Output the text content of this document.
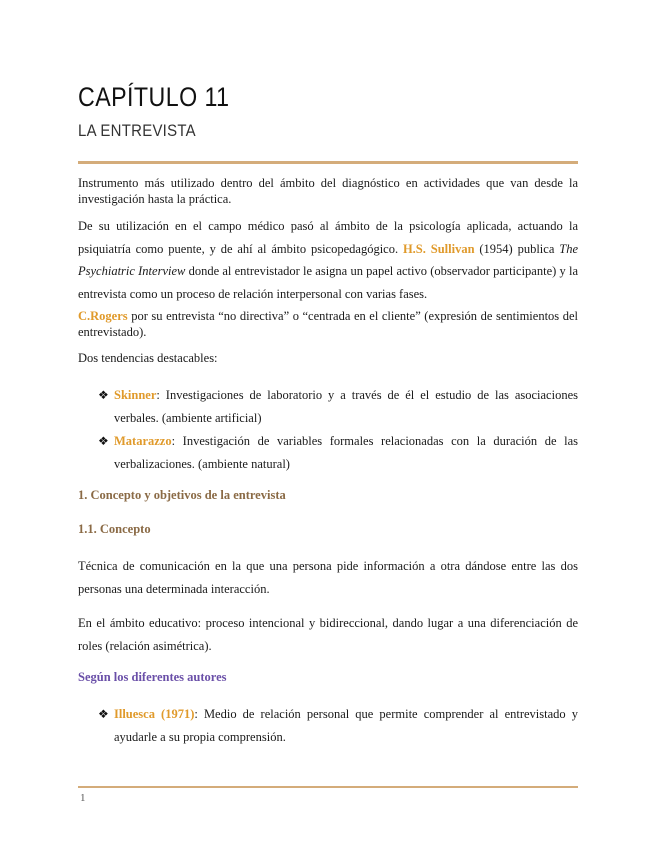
CAPÍTULO 11
LA ENTREVISTA

Instrumento más utilizado dentro del ámbito del diagnóstico en actividades que van desde la investigación hasta la práctica.

De su utilización en el campo médico pasó al ámbito de la psicología aplicada, actuando la psiquiatría como puente, y de ahí al ámbito psicopedagógico. H.S. Sullivan (1954) publica The Psychiatric Interview donde al entrevistador le asigna un papel activo (observador participante) y la entrevista como un proceso de relación interpersonal con varias fases.

C.Rogers por su entrevista “no directiva” o “centrada en el cliente” (expresión de sentimientos del entrevistado).

Dos tendencias destacables:

❖ Skinner: Investigaciones de laboratorio y a través de él el estudio de las asociaciones verbales. (ambiente artificial)
❖ Matarazzo: Investigación de variables formales relacionadas con la duración de las verbalizaciones. (ambiente natural)
1. Concepto y objetivos de la entrevista
1.1. Concepto

Técnica de comunicación en la que una persona pide información a otra dándose entre las dos personas una determinada interacción.

En el ámbito educativo: proceso intencional y bidireccional, dando lugar a una diferenciación de roles (relación asimétrica).

Según los diferentes autores
❖ Illuesca (1971): Medio de relación personal que permite comprender al entrevistado y ayudarle a su propia comprensión.
1
